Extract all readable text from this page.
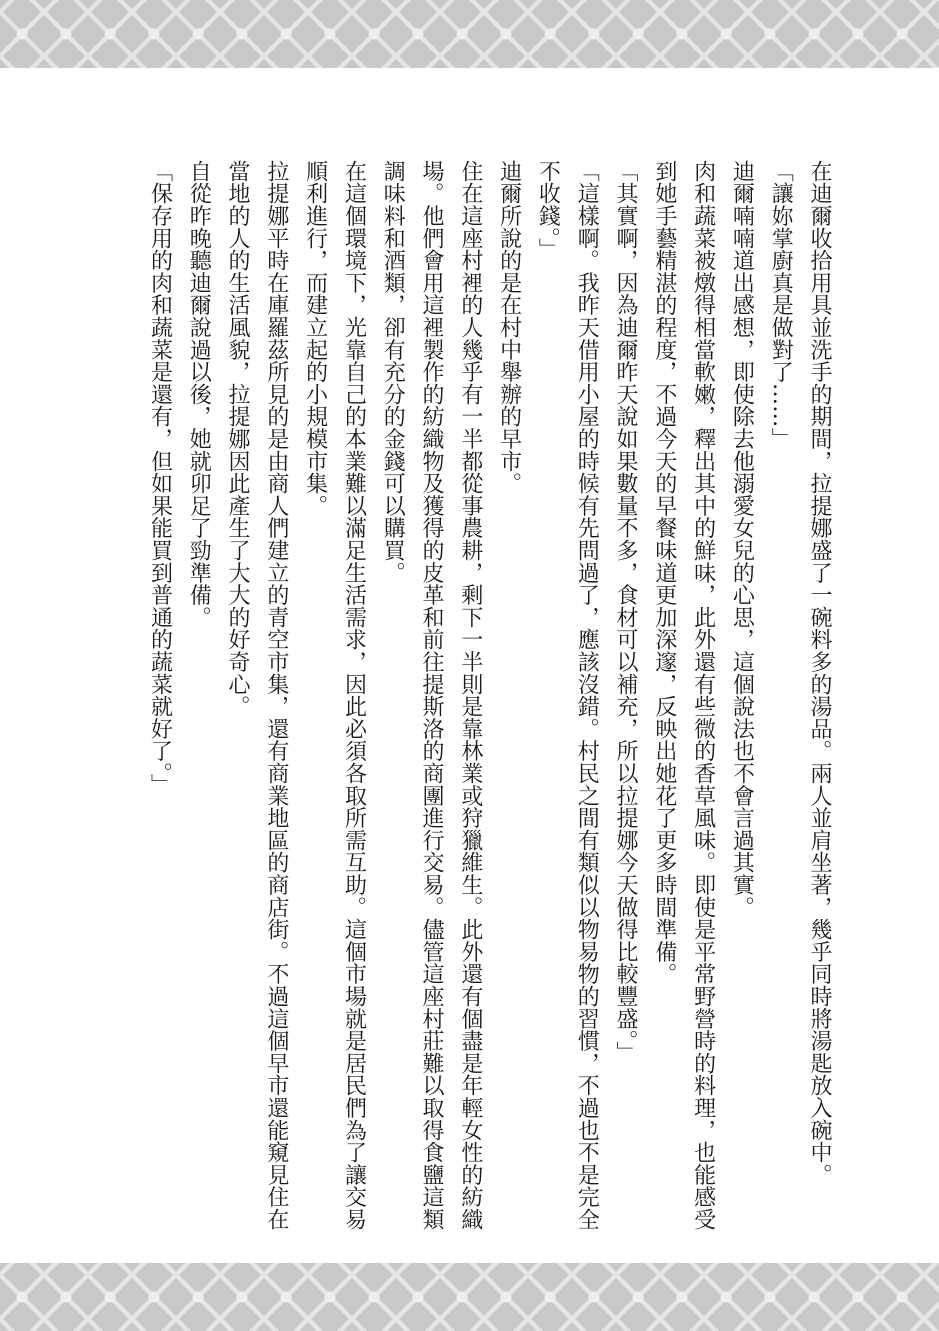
在迪爾收拾用具並洗手的期間，拉提娜盛了一碗料多的湯品。兩人並肩坐著，幾乎同時將湯匙放入碗中。

「讓妳掌廚真是做對了……」

迪爾喃喃道出感想，即使除去他溺愛女兒的心思，這個說法也不會言過其實。

肉和蔬菜被燉得相當軟嫩，釋出其中的鮮味，此外還有些微的香草風味。即使是平常野營時的料理，也能感受到她手藝精湛的程度，不過今天的早餐味道更加深邃，反映出她花了更多時間準備。

「其實啊，因為迪爾昨天說如果數量不多，食材可以補充，所以拉提娜今天做得比較豐盛。」

「這樣啊。我昨天借用小屋的時候有先問過了，應該沒錯。村民之間有類似以物易物的習慣，不過也不是完全不收錢。」

迪爾所說的是在村中舉辦的早市。

住在這座村裡的人幾乎有一半都從事農耕，剩下一半則是靠林業或狩獵維生。此外還有個盡是年輕女性的紡織場。他們會用這裡製作的紡織物及獲得的皮革和前往提斯洛的商團進行交易。儘管這座村莊難以取得食鹽這類調味料和酒類，卻有充分的金錢可以購買。

在這個環境下，光靠自己的本業難以滿足生活需求，因此必須各取所需互助。這個市場就是居民們為了讓交易順利進行，而建立起的小規模市集。

拉提娜平時在庫羅茲所見的是由商人們建立的青空市集，還有商業地區的商店街。不過這個早市還能窺見住在當地的人的生活風貌，拉提娜因此產生了大大的好奇心。

自從昨晚聽迪爾說過以後，她就卯足了勁準備。

「保存用的肉和蔬菜是還有，但如果能買到普通的蔬菜就好了。」
